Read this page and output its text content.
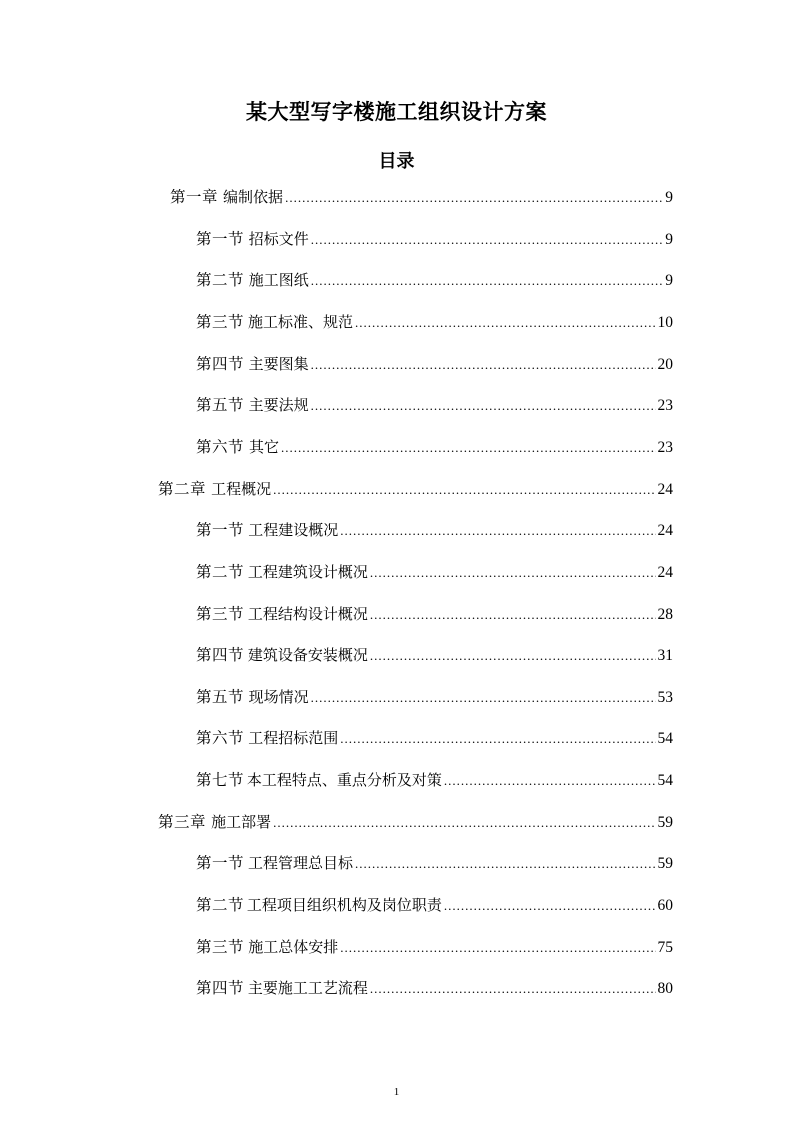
某大型写字楼施工组织设计方案
目录
第一章 编制依据 .....	9
第一节 招标文件 .....	9
第二节 施工图纸 .....	9
第三节 施工标准、规范 .....	10
第四节 主要图集 .....	20
第五节 主要法规 .....	23
第六节 其它 .....	23
第二章 工程概况 .....	24
第一节 工程建设概况 .....	24
第二节 工程建筑设计概况 .....	24
第三节 工程结构设计概况 .....	28
第四节 建筑设备安装概况 .....	31
第五节 现场情况 .....	53
第六节 工程招标范围 .....	54
第七节 本工程特点、重点分析及对策 .....	54
第三章 施工部署 .....	59
第一节 工程管理总目标 .....	59
第二节 工程项目组织机构及岗位职责 .....	60
第三节 施工总体安排 .....	75
第四节 主要施工工艺流程 .....	80
1
